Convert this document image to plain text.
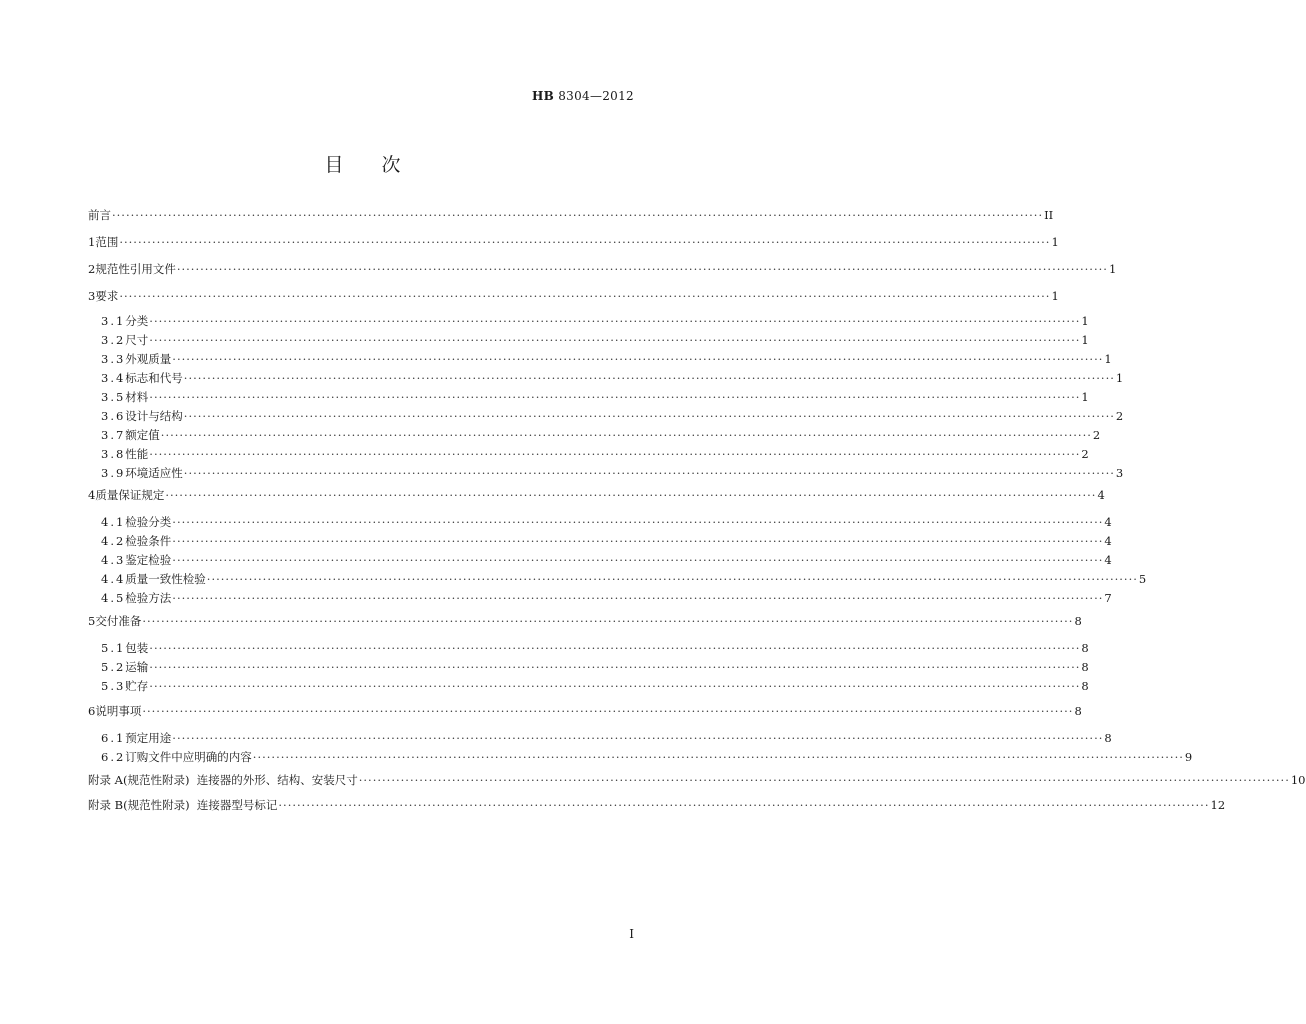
HB 8304—2012
目 次
前言 ········································································································································································································ II
1 范围 ········································································································································································································ 1
2 规范性引用文件 ········································································································································································································ 1
3 要求 ········································································································································································································ 1
3.1 分类 ········································································································································································································ 1
3.2 尺寸 ········································································································································································································ 1
3.3 外观质量 ········································································································································································································ 1
3.4 标志和代号 ········································································································································································································ 1
3.5 材料 ········································································································································································································ 1
3.6 设计与结构 ········································································································································································································ 2
3.7 额定值 ········································································································································································································ 2
3.8 性能 ········································································································································································································ 2
3.9 环境适应性 ········································································································································································································ 3
4 质量保证规定 ········································································································································································································ 4
4.1 检验分类 ········································································································································································································ 4
4.2 检验条件 ········································································································································································································ 4
4.3 鉴定检验 ········································································································································································································ 4
4.4 质量一致性检验 ········································································································································································································ 5
4.5 检验方法 ········································································································································································································ 7
5 交付准备 ········································································································································································································ 8
5.1 包装 ········································································································································································································ 8
5.2 运输 ········································································································································································································ 8
5.3 贮存 ········································································································································································································ 8
6 说明事项 ········································································································································································································ 8
6.1 预定用途 ········································································································································································································ 8
6.2 订购文件中应明确的内容 ········································································································································································································ 9
附录 A(规范性附录)  连接器的外形、结构、安装尺寸 ········································································································································································································ 10
附录 B(规范性附录)  连接器型号标记 ········································································································································································································ 12
I
